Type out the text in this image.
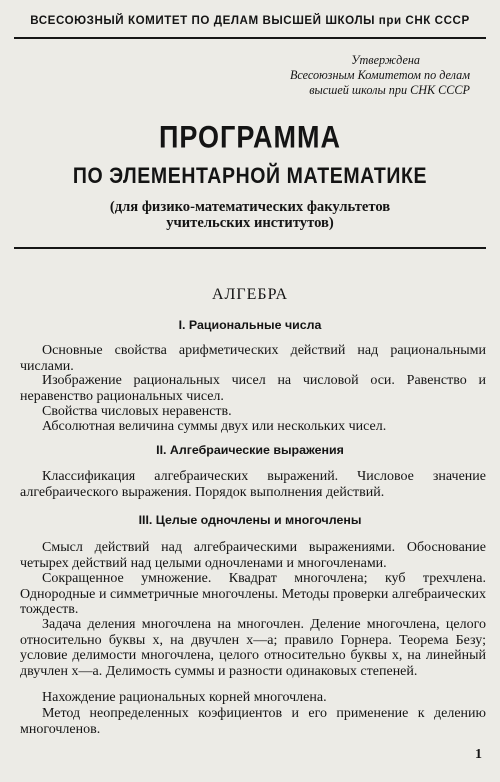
ВСЕСОЮЗНЫЙ КОМИТЕТ ПО ДЕЛАМ ВЫСШЕЙ ШКОЛЫ при СНК СССР
Утверждена
Всесоюзным Комитетом по делам
высшей школы при СНК СССР
ПРОГРАММА
ПО ЭЛЕМЕНТАРНОЙ МАТЕМАТИКЕ
(для физико-математических факультетов
учительских институтов)
АЛГЕБРА
I. Рациональные числа
Основные свойства арифметических действий над рациональными числами.
Изображение рациональных чисел на числовой оси. Равенство и неравенство рациональных чисел.
Свойства числовых неравенств.
Абсолютная величина суммы двух или нескольких чисел.
II. Алгебраические выражения
Классификация алгебраических выражений. Числовое значение алгебраического выражения. Порядок выполнения действий.
III. Целые одночлены и многочлены
Смысл действий над алгебраическими выражениями. Обоснование четырех действий над целыми одночленами и многочленами.
Сокращенное умножение. Квадрат многочлена; куб трехчлена. Однородные и симметричные многочлены. Методы проверки алгебраических тождеств.
Задача деления многочлена на многочлен. Деление многочлена, целого относительно буквы x, на двучлен x—a; правило Горнера. Теорема Безу; условие делимости многочлена, целого относительно буквы x, на линейный двучлен x—a. Делимость суммы и разности одинаковых степеней.
Нахождение рациональных корней многочлена.
Метод неопределенных коэфициентов и его применение к делению многочленов.
1
